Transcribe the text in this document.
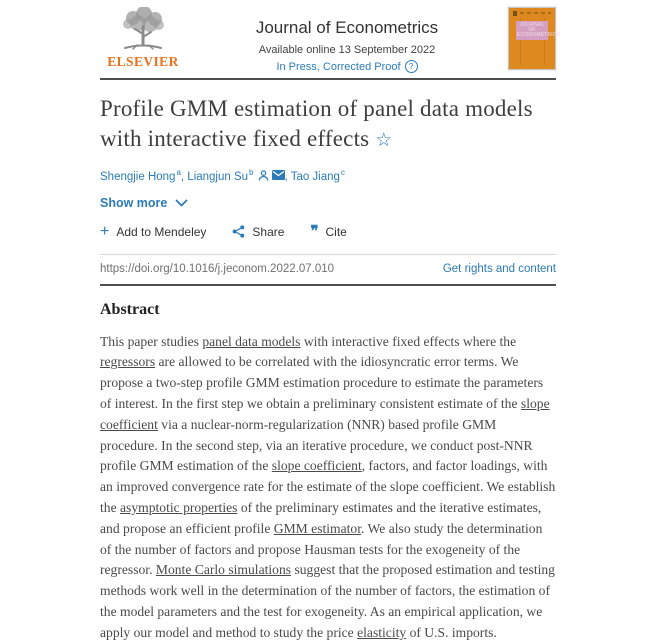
ELSEVIER
Journal of Econometrics
Available online 13 September 2022
In Press, Corrected Proof	?
JOURNAL OF
ECONOMETRICS
Profile GMM estimation of panel data models with interactive fixed effects ☆
Shengjie Hong$^a$, Liangjun Su$^b$	, Tao Jiang$^c$
Show more
+ Add to Mendeley	Share ❞ Cite
https://doi.org/10.1016/j.jeconom.2022.07.010	Get rights and content
Abstract

This paper studies panel data models with interactive fixed effects where the regressors are allowed to be correlated with the idiosyncratic error terms. We propose a two-step profile GMM estimation procedure to estimate the parameters of interest. In the first step we obtain a preliminary consistent estimate of the slope coefficient via a nuclear-norm-regularization (NNR) based profile GMM procedure. In the second step, via an iterative procedure, we conduct post-NNR profile GMM estimation of the slope coefficient, factors, and factor loadings, with an improved convergence rate for the estimate of the slope coefficient. We establish the asymptotic properties of the preliminary estimates and the iterative estimates, and propose an efficient profile GMM estimator. We also study the determination of the number of factors and propose Hausman tests for the exogeneity of the regressor. Monte Carlo simulations suggest that the proposed estimation and testing methods work well in the determination of the number of factors, the estimation of the model parameters and the test for exogeneity. As an empirical application, we apply our model and method to study the price elasticity of U.S. imports.
